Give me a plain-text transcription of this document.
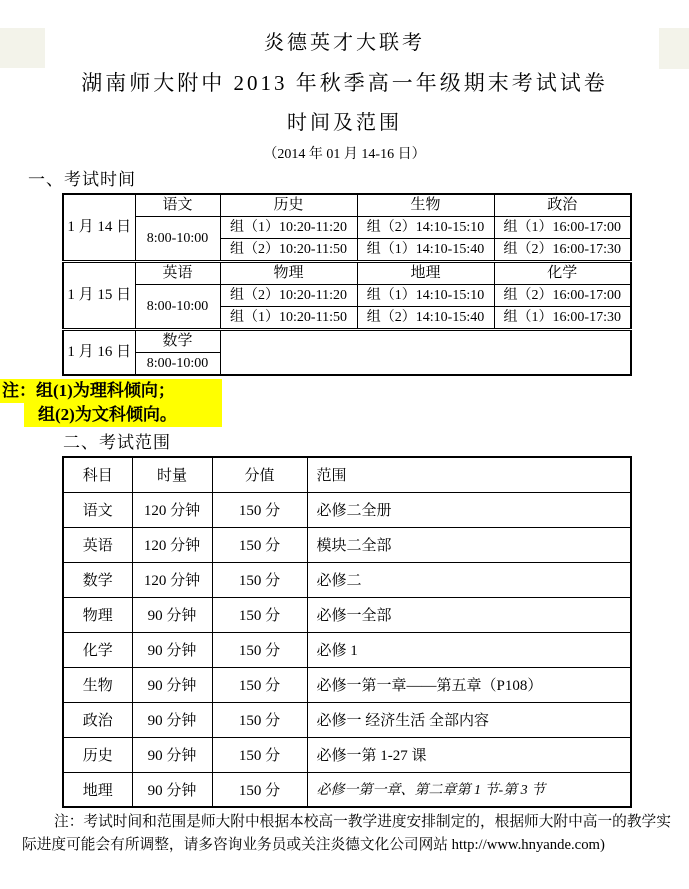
炎德英才大联考
湖南师大附中 2013 年秋季高一年级期末考试试卷
时间及范围
（2014 年 01 月 14-16 日）
一、考试时间
1 月 14 日	语文	历史	生物	政治
	8:00-10:00	组（1）10:20-11:20	组（2）14:10-15:10	组（1）16:00-17:00
		组（2）10:20-11:50	组（1）14:10-15:40	组（2）16:00-17:30
1 月 15 日	英语	物理	地理	化学
	8:00-10:00	组（2）10:20-11:20	组（1）14:10-15:10	组（2）16:00-17:00
		组（1）10:20-11:50	组（2）14:10-15:40	组（1）16:00-17:30
1 月 16 日	数学			
	8:00-10:00			
注：组(1)为理科倾向；
组(2)为文科倾向。
二、考试范围
科目	时量	分值	范围
语文	120 分钟	150 分	必修二全册
英语	120 分钟	150 分	模块二全部
数学	120 分钟	150 分	必修二
物理	90 分钟	150 分	必修一全部
化学	90 分钟	150 分	必修 1
生物	90 分钟	150 分	必修一第一章——第五章（P108）
政治	90 分钟	150 分	必修一 经济生活 全部内容
历史	90 分钟	150 分	必修一第 1-27 课
地理	90 分钟	150 分	必修一第一章、第二章第 1 节-第 3 节
注：考试时间和范围是师大附中根据本校高一教学进度安排制定的，根据师大附中高一的教学实
际进度可能会有所调整，请多咨询业务员或关注炎德文化公司网站 http://www.hnyande.com)
